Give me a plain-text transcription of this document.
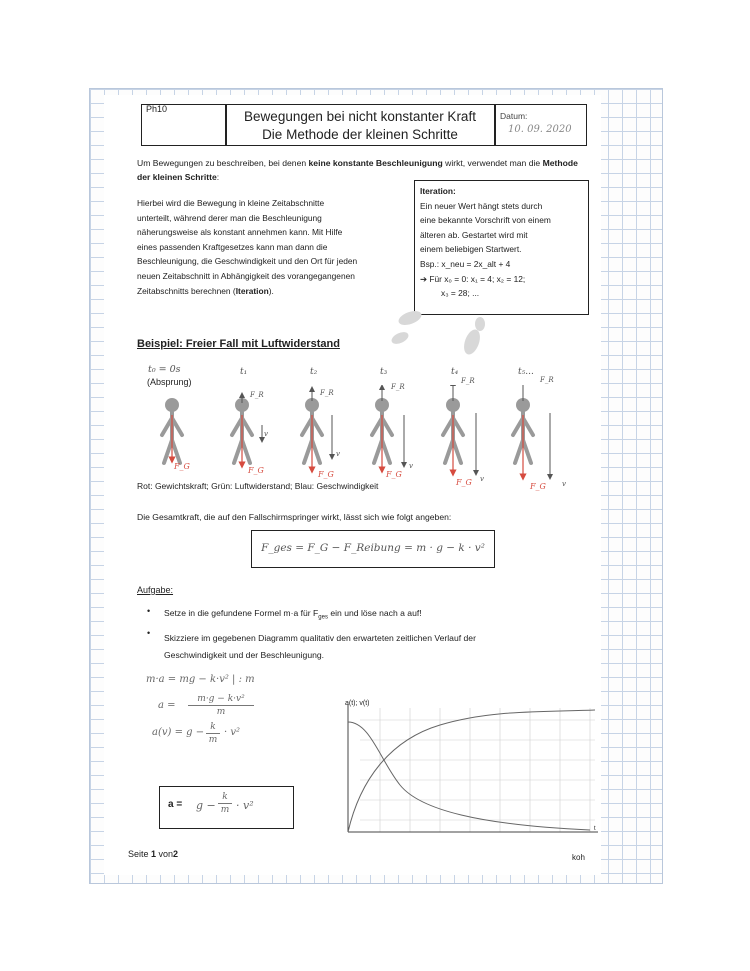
Ph10	Bewegungen bei nicht konstanter Kraft
Die Methode der kleinen Schritte
Datum:
10. 09. 2020
Um Bewegungen zu beschreiben, bei denen keine konstante Beschleunigung wirkt, verwendet man die Methode der kleinen Schritte:
Hierbei wird die Bewegung in kleine Zeitabschnitte
unterteilt, während derer man die Beschleunigung
näherungsweise als konstant annehmen kann. Mit Hilfe
eines passenden Kraftgesetzes kann man dann die
Beschleunigung, die Geschwindigkeit und den Ort für jeden
neuen Zeitabschnitt in Abhängigkeit des vorangegangenen
Zeitabschnitts berechnen (Iteration).
Iteration:
Ein neuer Wert hängt stets durch
eine bekannte Vorschrift von einem
älteren ab. Gestartet wird mit
einem beliebigen Startwert.
Bsp.: x_neu = 2x_alt + 4
➔ Für x₀ = 0: x₁ = 4; x₂ = 12;
x₃ = 28; ...
Beispiel: Freier Fall mit Luftwiderstand
t₀ = 0s
(Absprung)
t₁	t₂	t₃	t₄	t₅...
F_G	F_G	F_G	F_G
F_G	F_G
F_R	F_R
F_R
F_R	F_R
v
v
v
v
v
Rot: Gewichtskraft; Grün: Luftwiderstand; Blau: Geschwindigkeit
Die Gesamtkraft, die auf den Fallschirmspringer wirkt, lässt sich wie folgt angeben:
F_ges = F_G − F_Reibung = m · g − k · v²
Aufgabe:
• Setze in die gefundene Formel m·a für $F_{ges}$ ein und löse nach a auf!
• Skizziere im gegebenen Diagramm qualitativ den erwarteten zeitlichen Verlauf der
Geschwindigkeit und der Beschleunigung.
m·a = mg − k·v² | : m
a =
m·g − k·v²
m
a(v) = g − k
m
· v²
a = g −
k
m · v²
a(t); v(t)
t
Seite 1 von2	koh
